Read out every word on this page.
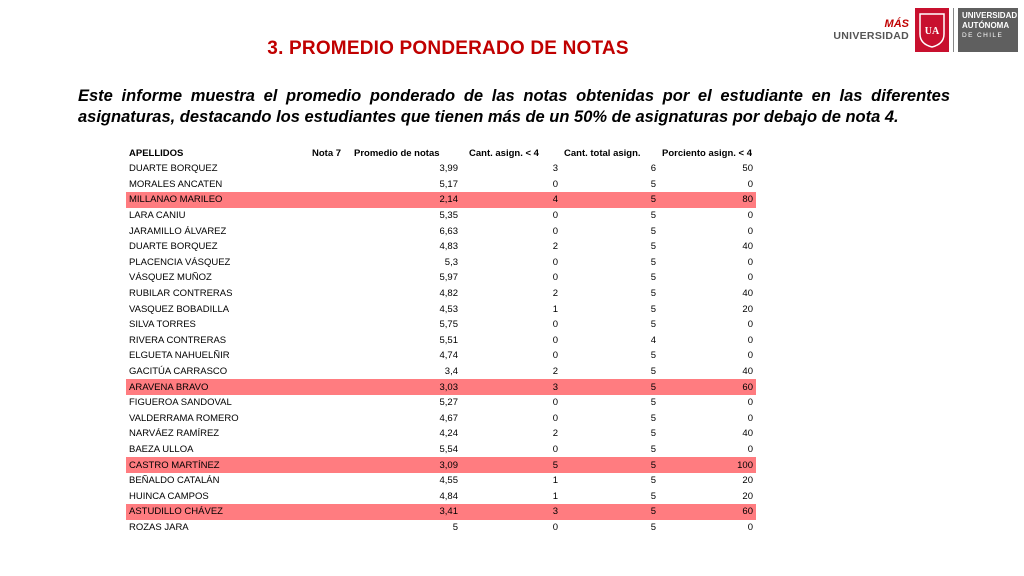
3. PROMEDIO PONDERADO DE NOTAS
MÁS
UNIVERSIDAD UA
UNIVERSIDAD
AUTÓNOMA
DE CHILE
Este informe muestra el promedio ponderado de las notas obtenidas por el estudiante en las diferentes asignaturas, destacando los estudiantes que tienen más de un 50% de asignaturas por debajo de nota 4.
APELLIDOS	Nota 7	Promedio de notas	Cant. asign. < 4	Cant. total asign.	Porciento asign. < 4
DUARTE BORQUEZ		3,99	3	6	50
MORALES ANCATEN		5,17	0	5	0
MILLANAO MARILEO		2,14	4	5	80
LARA CANIU		5,35	0	5	0
JARAMILLO ÁLVAREZ		6,63	0	5	0
DUARTE BORQUEZ		4,83	2	5	40
PLACENCIA VÁSQUEZ		5,3	0	5	0
VÁSQUEZ MUÑOZ		5,97	0	5	0
RUBILAR CONTRERAS		4,82	2	5	40
VASQUEZ BOBADILLA		4,53	1	5	20
SILVA TORRES		5,75	0	5	0
RIVERA CONTRERAS		5,51	0	4	0
ELGUETA NAHUELÑIR		4,74	0	5	0
GACITÚA CARRASCO		3,4	2	5	40
ARAVENA BRAVO		3,03	3	5	60
FIGUEROA SANDOVAL		5,27	0	5	0
VALDERRAMA ROMERO		4,67	0	5	0
NARVÁEZ RAMÍREZ		4,24	2	5	40
BAEZA ULLOA		5,54	0	5	0
CASTRO MARTÍNEZ		3,09	5	5	100
BEÑALDO CATALÁN		4,55	1	5	20
HUINCA CAMPOS		4,84	1	5	20
ASTUDILLO CHÁVEZ		3,41	3	5	60
ROZAS JARA		5	0	5	0
